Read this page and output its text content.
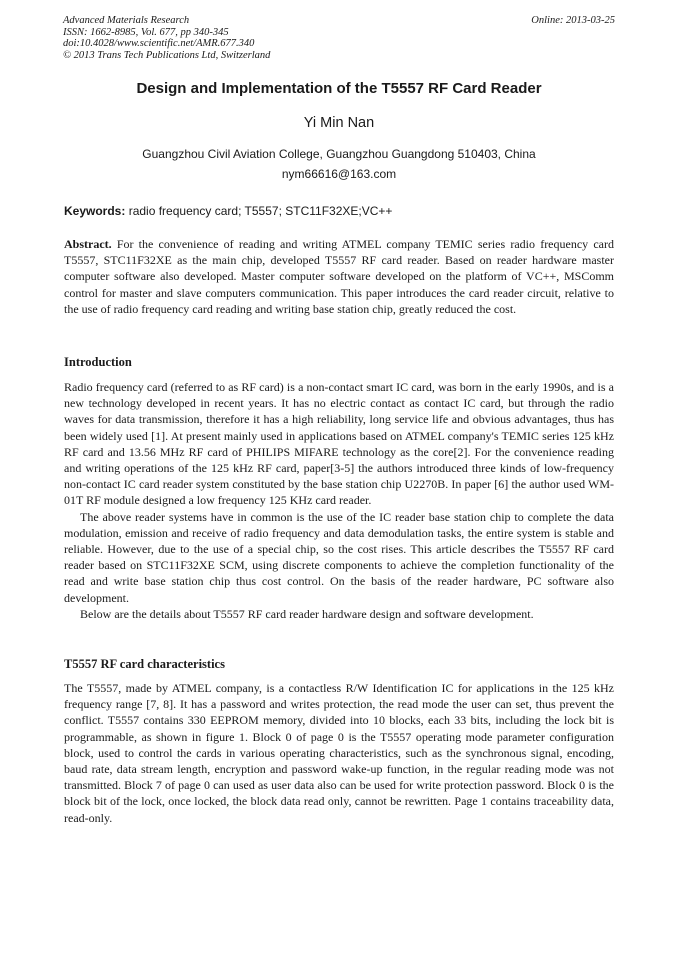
Advanced Materials Research
ISSN: 1662-8985, Vol. 677, pp 340-345
doi:10.4028/www.scientific.net/AMR.677.340
© 2013 Trans Tech Publications Ltd, Switzerland
Online: 2013-03-25
Design and Implementation of the T5557 RF Card Reader
Yi Min Nan
Guangzhou Civil Aviation College, Guangzhou Guangdong 510403, China
nym66616@163.com
Keywords: radio frequency card; T5557; STC11F32XE;VC++

Abstract. For the convenience of reading and writing ATMEL company TEMIC series radio frequency card T5557, STC11F32XE as the main chip, developed T5557 RF card reader. Based on reader hardware master computer software also developed. Master computer software developed on the platform of VC++, MSComm control for master and slave computers communication. This paper introduces the card reader circuit, relative to the use of radio frequency card reading and writing base station chip, greatly reduced the cost.

Introduction

Radio frequency card (referred to as RF card) is a non-contact smart IC card, was born in the early 1990s, and is a new technology developed in recent years. It has no electric contact as contact IC card, but through the radio waves for data transmission, therefore it has a high reliability, long service life and obvious advantages, thus has been widely used [1]. At present mainly used in applications based on ATMEL company's TEMIC series 125 kHz RF card and 13.56 MHz RF card of PHILIPS MIFARE technology as the core[2]. For the convenience reading and writing operations of the 125 kHz RF card, paper[3-5] the authors introduced three kinds of low-frequency non-contact IC card reader system constituted by the base station chip U2270B. In paper [6] the author used WM-01T RF module designed a low frequency 125 KHz card reader.

The above reader systems have in common is the use of the IC reader base station chip to complete the data modulation, emission and receive of radio frequency and data demodulation tasks, the entire system is stable and reliable. However, due to the use of a special chip, so the cost rises. This article describes the T5557 RF card reader based on STC11F32XE SCM, using discrete components to achieve the completion functionality of the read and write base station chip thus cost control. On the basis of the reader hardware, PC software also development.

Below are the details about T5557 RF card reader hardware design and software development.

T5557 RF card characteristics

The T5557, made by ATMEL company, is a contactless R/W Identification IC for applications in the 125 kHz frequency range [7, 8]. It has a password and writes protection, the read mode the user can set, thus prevent the conflict. T5557 contains 330 EEPROM memory, divided into 10 blocks, each 33 bits, including the lock bit is programmable, as shown in figure 1. Block 0 of page 0 is the T5557 operating mode parameter configuration block, used to control the cards in various operating characteristics, such as the synchronous signal, encoding, baud rate, data stream length, encryption and password wake-up function, in the regular reading mode was not transmitted. Block 7 of page 0 can used as user data also can be used for write protection password. Block 0 is the block bit of the lock, once locked, the block data read only, cannot be rewritten. Page 1 contains traceability data, read-only.
